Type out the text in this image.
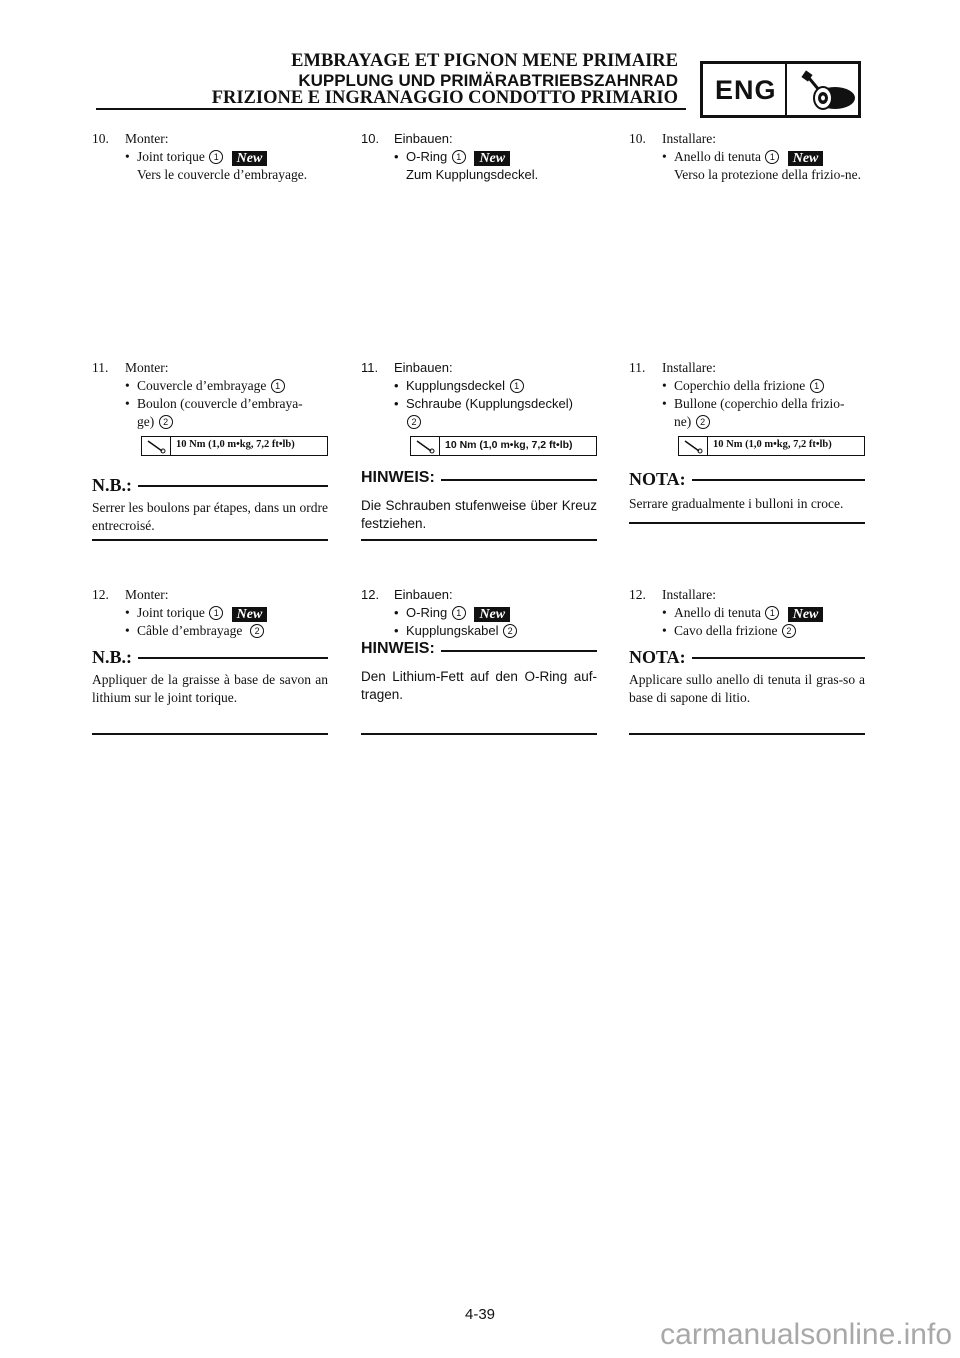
EMBRAYAGE ET PIGNON MENE PRIMAIRE
KUPPLUNG UND PRIMÄRABTRIEBSZAHNRAD
FRIZIONE E INGRANAGGIO CONDOTTO PRIMARIO ENG
10.	Monter:
• Joint torique 1 New
Vers le couvercle d’embrayage.
11.	Monter:
• Couvercle d’embrayage 1
• Boulon (couvercle d’embraya-
ge) 2
10 Nm (1,0 m•kg, 7,2 ft•lb)
N.B.:
Serrer les boulons par étapes, dans un ordre entrecroisé.
12.	Monter:
• Joint torique 1 New
• Câble d’embrayage 2
N.B.:
Appliquer de la graisse à base de savon an lithium sur le joint torique.
10.	Einbauen:
• O-Ring 1 New
Zum Kupplungsdeckel.
11.	Einbauen:
• Kupplungsdeckel 1
• Schraube (Kupplungsdeckel)
2
10 Nm (1,0 m•kg, 7,2 ft•lb)
HINWEIS:
Die Schrauben stufenweise über Kreuz festziehen.
12.	Einbauen:
• O-Ring 1 New
• Kupplungskabel 2
HINWEIS:
Den Lithium-Fett auf den O-Ring auf-tragen.
10.	Installare:
• Anello di tenuta 1 New
Verso la protezione della frizio-ne.
11.	Installare:
• Coperchio della frizione 1
• Bullone (coperchio della frizio-
ne) 2
10 Nm (1,0 m•kg, 7,2 ft•lb)
NOTA:
Serrare gradualmente i bulloni in croce.
12.	Installare:
• Anello di tenuta 1 New
• Cavo della frizione 2
NOTA:
Applicare sullo anello di tenuta il gras-so a base di sapone di litio.
4-39
carmanualsonline.info
